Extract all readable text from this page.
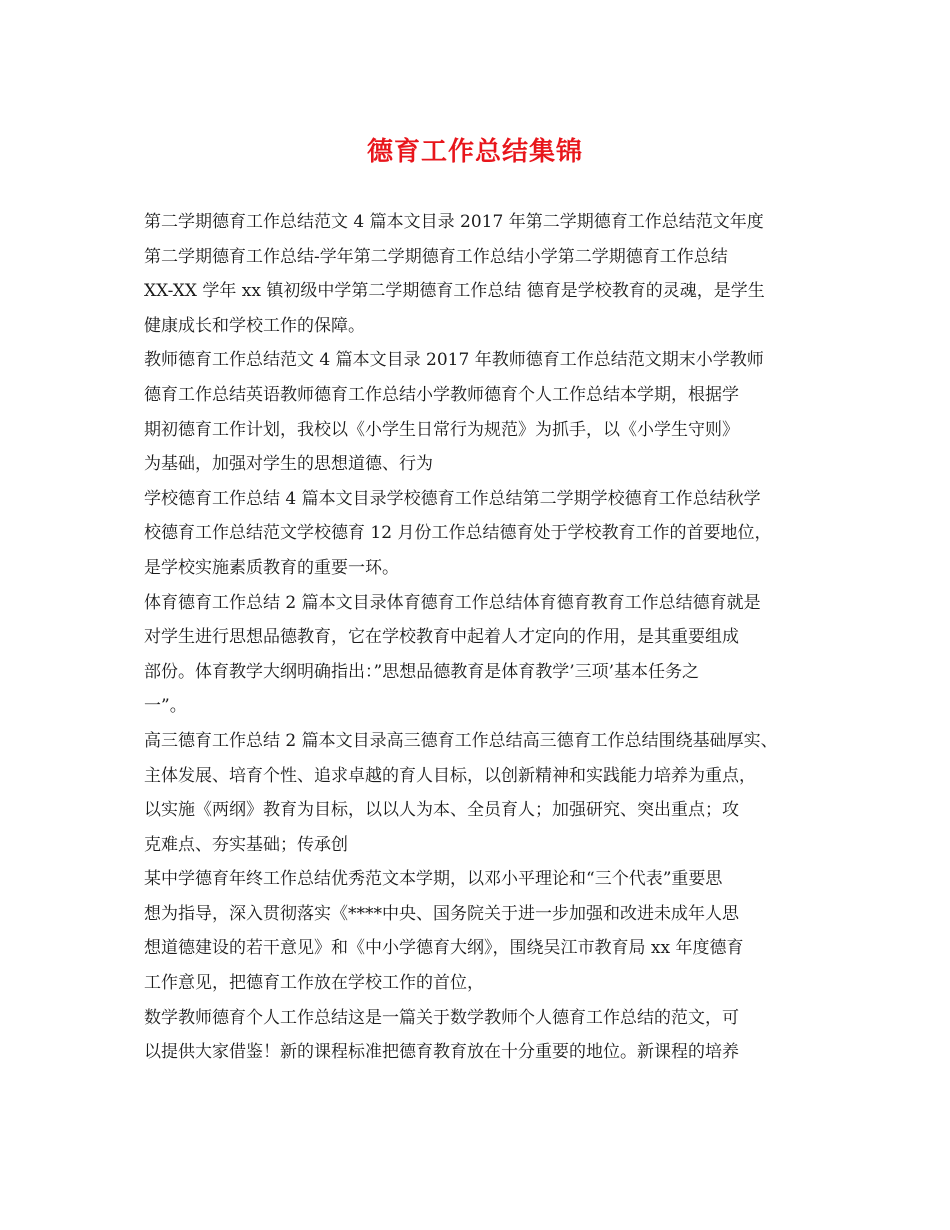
德育工作总结集锦
第二学期德育工作总结范文 4 篇本文目录 2017 年第二学期德育工作总结范文年度
第二学期德育工作总结-学年第二学期德育工作总结小学第二学期德育工作总结
XX-XX 学年 xx 镇初级中学第二学期德育工作总结 德育是学校教育的灵魂，是学生
健康成长和学校工作的保障。
教师德育工作总结范文 4 篇本文目录 2017 年教师德育工作总结范文期末小学教师
德育工作总结英语教师德育工作总结小学教师德育个人工作总结本学期，根据学
期初德育工作计划，我校以《小学生日常行为规范》为抓手，以《小学生守则》
为基础，加强对学生的思想道德、行为
学校德育工作总结 4 篇本文目录学校德育工作总结第二学期学校德育工作总结秋学
校德育工作总结范文学校德育 12 月份工作总结德育处于学校教育工作的首要地位，
是学校实施素质教育的重要一环。
体育德育工作总结 2 篇本文目录体育德育工作总结体育德育教育工作总结德育就是
对学生进行思想品德教育，它在学校教育中起着人才定向的作用，是其重要组成
部份。体育教学大纲明确指出：”思想品德教育是体育教学’三项’基本任务之
一”。
高三德育工作总结 2 篇本文目录高三德育工作总结高三德育工作总结围绕基础厚实、
主体发展、培育个性、追求卓越的育人目标，以创新精神和实践能力培养为重点，
以实施《两纲》教育为目标，以以人为本、全员育人；加强研究、突出重点；攻
克难点、夯实基础；传承创
某中学德育年终工作总结优秀范文本学期，以邓小平理论和“三个代表”重要思
想为指导，深入贯彻落实《****中央、国务院关于进一步加强和改进未成年人思
想道德建设的若干意见》和《中小学德育大纲》，围绕吴江市教育局 xx 年度德育
工作意见，把德育工作放在学校工作的首位，
数学教师德育个人工作总结这是一篇关于数学教师个人德育工作总结的范文，可
以提供大家借鉴！新的课程标准把德育教育放在十分重要的地位。新课程的培养
